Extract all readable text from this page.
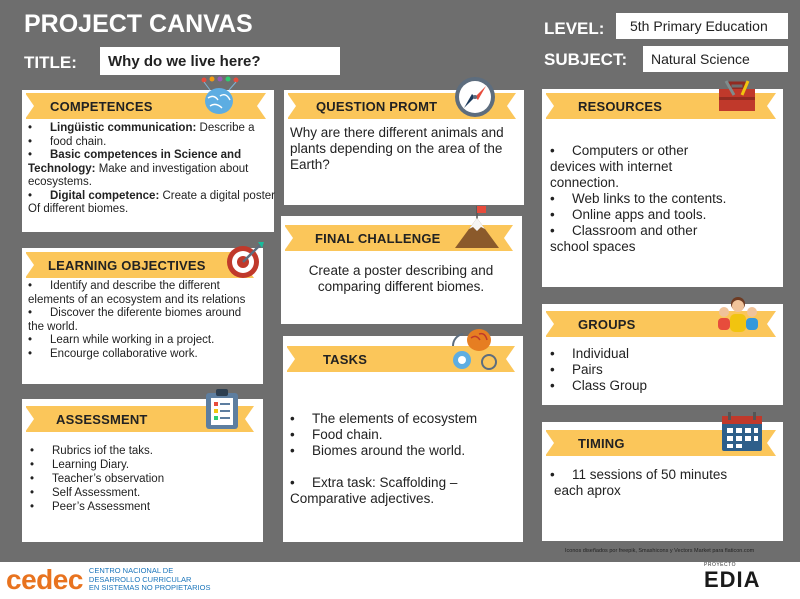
PROJECT CANVAS
TITLE: Why do we live here?
LEVEL: 5th Primary Education
SUBJECT: Natural Science
COMPETENCES
• Lingüistic communication: Describe a
• food chain.
• Basic competences in Science and
Technology: Make and investigation about
ecosystems.
• Digital competence: Create a digital poster
Of different biomes.
QUESTION PROMT
Why are there different animals and plants depending on the area of the Earth?
RESOURCES
• Computers or other
devices with internet
connection.
• Web links to the contents.
• Online apps and tools.
• Classroom and other
school spaces
LEARNING OBJECTIVES
• Identify and describe the different
elements of an ecosystem and its relations
• Discover the diferente biomes around
the world.
• Learn while working in a project.
• Encourge collaborative work.
FINAL CHALLENGE
Create a poster describing and comparing different biomes.
GROUPS
• Individual
• Pairs
• Class Group
TASKS
• The elements of ecosystem
• Food chain.
• Biomes around the world.
• Extra task: Scaffolding –
Comparative adjectives.
ASSESSMENT
• Rubrics iof the taks.
• Learning Diary.
• Teacher’s observation
• Self Assessment.
• Peer’s Assessment
TIMING
• 11 sessions of 50 minutes
each aprox
Iconos diseñados por freepik, Smashicons y Vectors Market para flaticon.com
cedec CENTRO NACIONAL DE
DESARROLLO CURRICULAR
EN SISTEMAS NO PROPIETARIOS
PROYECTO
EDIA
